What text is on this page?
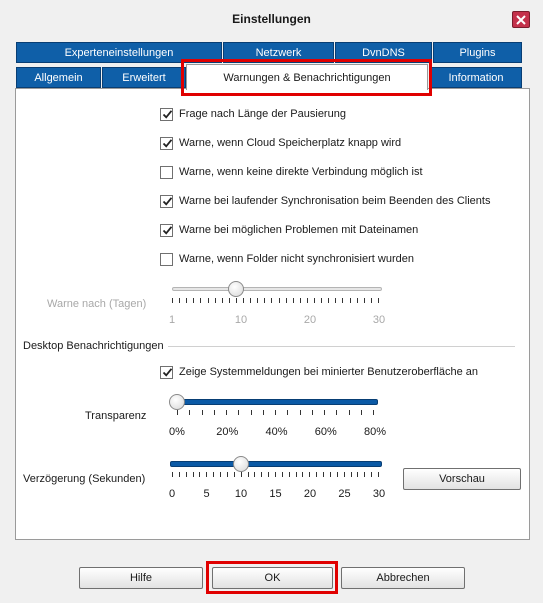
Einstellungen
Experteneinstellungen	Netzwerk	DvnDNS	Plugins
Allgemein	Erweitert	Information
Warnungen & Benachrichtigungen
Frage nach Länge der Pausierung
Warne, wenn Cloud Speicherplatz knapp wird
Warne, wenn keine direkte Verbindung möglich ist
Warne bei laufender Synchronisation beim Beenden des Clients
Warne bei möglichen Problemen mit Dateinamen
Warne, wenn Folder nicht synchronisiert wurden
Warne nach (Tagen)
1	10	20	30
Desktop Benachrichtigungen
Zeige Systemmeldungen bei minierter Benutzeroberfläche an
Transparenz
0%	20% 40% 60% 80%
Verzögerung (Sekunden)
0	5	10	15	20	25	30
Vorschau
Hilfe	OK	Abbrechen
